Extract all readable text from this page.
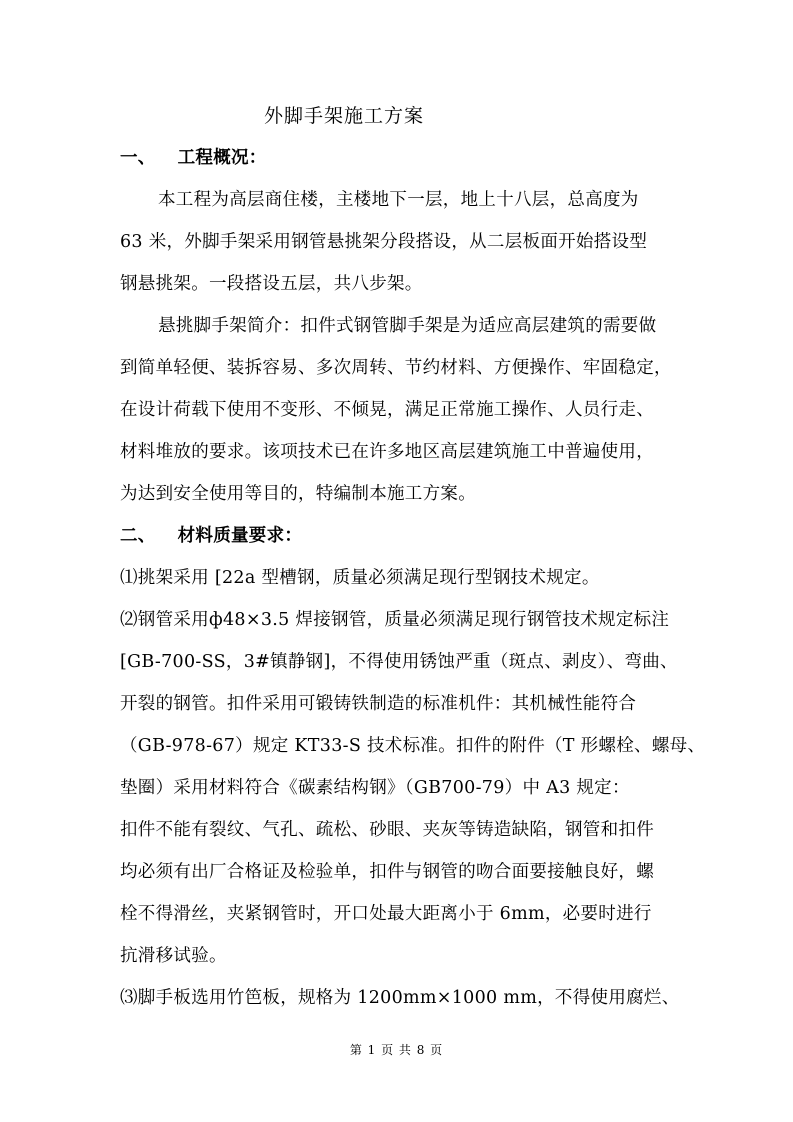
外脚手架施工方案
一、 工程概况：
本工程为高层商住楼，主楼地下一层，地上十八层，总高度为
63 米，外脚手架采用钢管悬挑架分段搭设，从二层板面开始搭设型
钢悬挑架。一段搭设五层，共八步架。
悬挑脚手架简介：扣件式钢管脚手架是为适应高层建筑的需要做
到简单轻便、装拆容易、多次周转、节约材料、方便操作、牢固稳定，
在设计荷载下使用不变形、不倾晃，满足正常施工操作、人员行走、
材料堆放的要求。该项技术已在许多地区高层建筑施工中普遍使用，
为达到安全使用等目的，特编制本施工方案。
二、 材料质量要求：
⑴挑架采用 [22a 型槽钢，质量必须满足现行型钢技术规定。
⑵钢管采用ф48×3.5 焊接钢管，质量必须满足现行钢管技术规定标注
[GB-700-SS，3#镇静钢]，不得使用锈蚀严重（斑点、剥皮）、弯曲、
开裂的钢管。扣件采用可锻铸铁制造的标准机件：其机械性能符合
（GB-978-67）规定 KT33-S 技术标准。扣件的附件（T 形螺栓、螺母、
垫圈）采用材料符合《碳素结构钢》（GB700-79）中 A3 规定：
扣件不能有裂纹、气孔、疏松、砂眼、夹灰等铸造缺陷，钢管和扣件
均必须有出厂合格证及检验单，扣件与钢管的吻合面要接触良好，螺
栓不得滑丝，夹紧钢管时，开口处最大距离小于 6mm，必要时进行
抗滑移试验。
⑶脚手板选用竹笆板，规格为 1200mm×1000 mm，不得使用腐烂、
第 1 页 共 8 页
